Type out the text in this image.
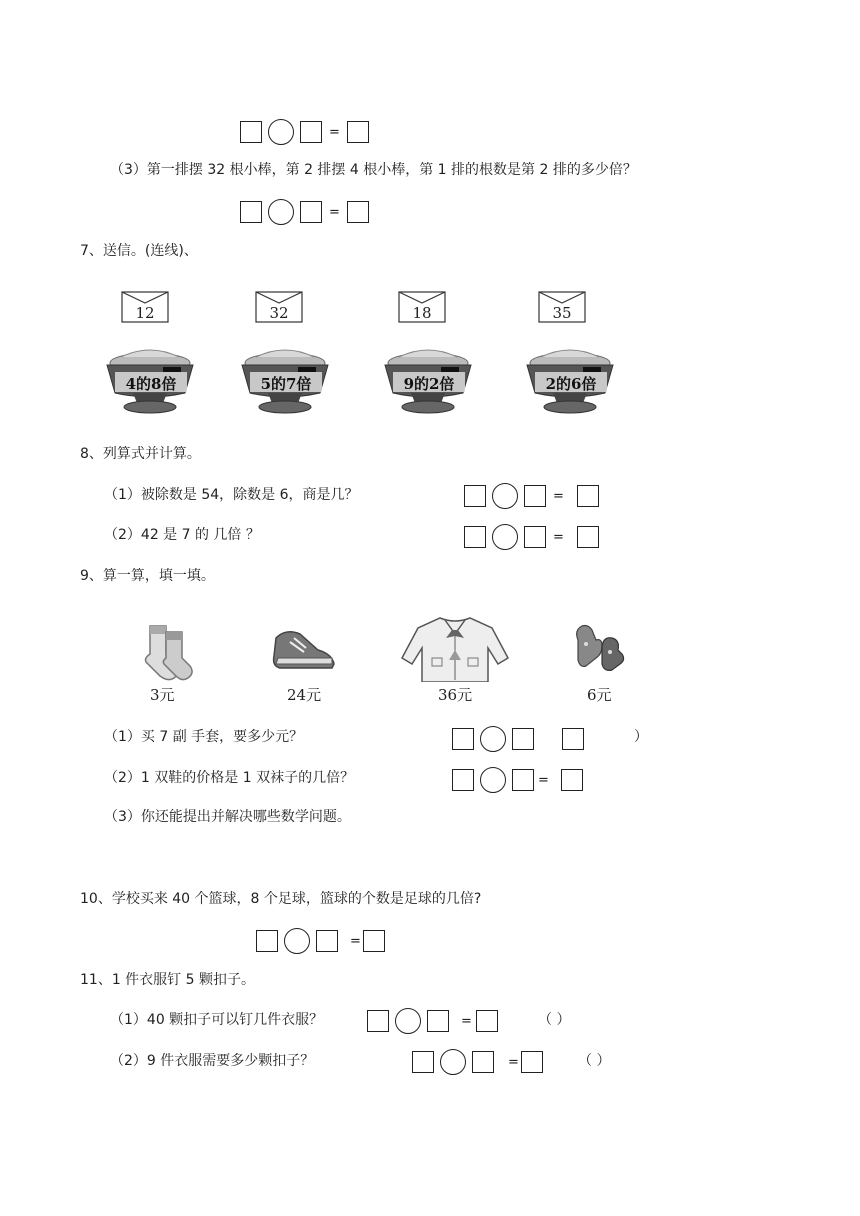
=
（3）第一排摆 32 根小棒，第 2 排摆 4 根小棒，第 1 排的根数是第 2 排的多少倍？
=
7、送信。(连线)、
12	32	18	35
4的8倍	5的7倍	9的2倍	2的6倍
8、列算式并计算。
（1）被除数是 54，除数是 6，商是几？	=
（2）42 是 7 的 几倍 ？	=
9、算一算，填一填。
3元	24元	36元	6元
（1）买 7 副 手套，要多少元？	）
（2）1 双鞋的价格是 1 双袜子的几倍？	=
（3）你还能提出并解决哪些数学问题。
10、学校买来 40 个篮球，8 个足球，篮球的个数是足球的几倍?
=
11、1 件衣服钉 5 颗扣子。
（1）40 颗扣子可以钉几件衣服？	=	（ ）
（2）9 件衣服需要多少颗扣子？	=	（ ）
